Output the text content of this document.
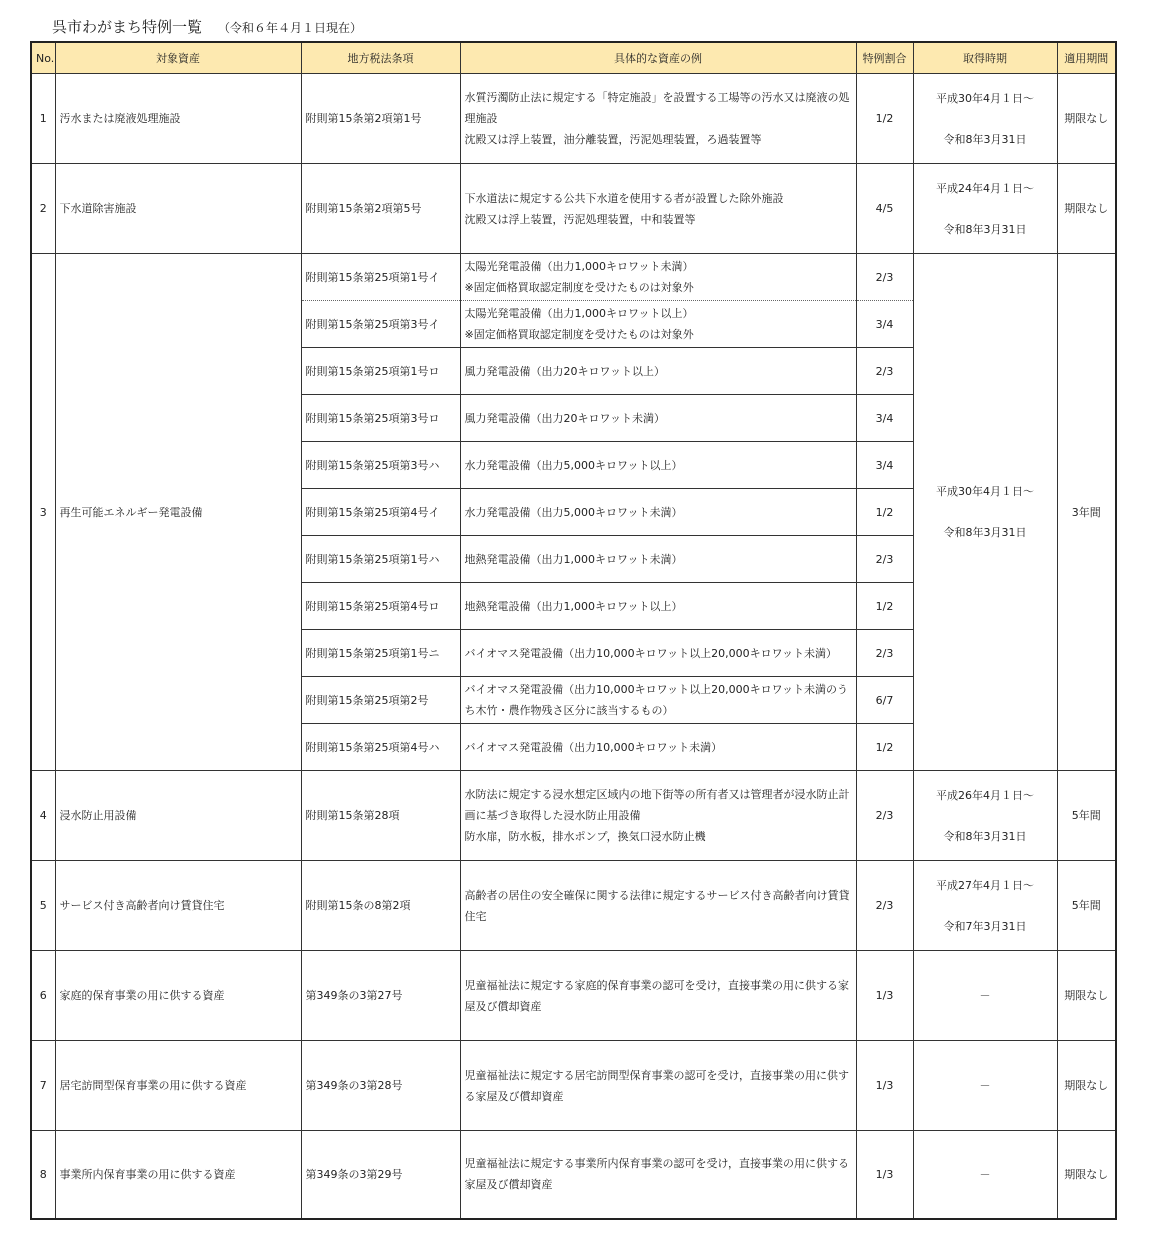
呉市わがまち特例一覧 （令和６年４月１日現在）
No.	対象資産	地方税法条項	具体的な資産の例	特例割合	取得時期	適用期間
1	汚水または廃液処理施設	附則第15条第2項第1号	水質汚濁防止法に規定する「特定施設」を設置する工場等の汚水又は廃液の処理施設
沈殿又は浮上装置，油分離装置，汚泥処理装置，ろ過装置等	1/2	平成30年4月１日～
令和8年3月31日	期限なし
2	下水道除害施設	附則第15条第2項第5号	下水道法に規定する公共下水道を使用する者が設置した除外施設
沈殿又は浮上装置，汚泥処理装置，中和装置等	4/5	平成24年4月１日～
令和8年3月31日	期限なし
3	再生可能エネルギー発電設備	附則第15条第25項第1号イ	太陽光発電設備（出力1,000キロワット未満）
※固定価格買取認定制度を受けたものは対象外	2/3	平成30年4月１日～
令和8年3月31日	3年間
		附則第15条第25項第3号イ	太陽光発電設備（出力1,000キロワット以上）
※固定価格買取認定制度を受けたものは対象外	3/4		
		附則第15条第25項第1号ロ	風力発電設備（出力20キロワット以上）	2/3		
		附則第15条第25項第3号ロ	風力発電設備（出力20キロワット未満）	3/4		
		附則第15条第25項第3号ハ	水力発電設備（出力5,000キロワット以上）	3/4		
		附則第15条第25項第4号イ	水力発電設備（出力5,000キロワット未満）	1/2		
		附則第15条第25項第1号ハ	地熱発電設備（出力1,000キロワット未満）	2/3		
		附則第15条第25項第4号ロ	地熱発電設備（出力1,000キロワット以上）	1/2		
		附則第15条第25項第1号ニ	バイオマス発電設備（出力10,000キロワット以上20,000キロワット未満）	2/3		
		附則第15条第25項第2号	バイオマス発電設備（出力10,000キロワット以上20,000キロワット未満のうち木竹・農作物残さ区分に該当するもの）	6/7		
		附則第15条第25項第4号ハ	バイオマス発電設備（出力10,000キロワット未満）	1/2		
4	浸水防止用設備	附則第15条第28項	水防法に規定する浸水想定区域内の地下街等の所有者又は管理者が浸水防止計画に基づき取得した浸水防止用設備
防水扉，防水板，排水ポンプ，換気口浸水防止機	2/3	平成26年4月１日～
令和8年3月31日	5年間
5	サービス付き高齢者向け賃貸住宅	附則第15条の8第2項	高齢者の居住の安全確保に関する法律に規定するサービス付き高齢者向け賃貸住宅	2/3	平成27年4月１日～
令和7年3月31日	5年間
6	家庭的保育事業の用に供する資産	第349条の3第27号	児童福祉法に規定する家庭的保育事業の認可を受け，直接事業の用に供する家屋及び償却資産	1/3	－	期限なし
7	居宅訪問型保育事業の用に供する資産	第349条の3第28号	児童福祉法に規定する居宅訪問型保育事業の認可を受け，直接事業の用に供する家屋及び償却資産	1/3	－	期限なし
8	事業所内保育事業の用に供する資産	第349条の3第29号	児童福祉法に規定する事業所内保育事業の認可を受け，直接事業の用に供する家屋及び償却資産	1/3	－	期限なし
